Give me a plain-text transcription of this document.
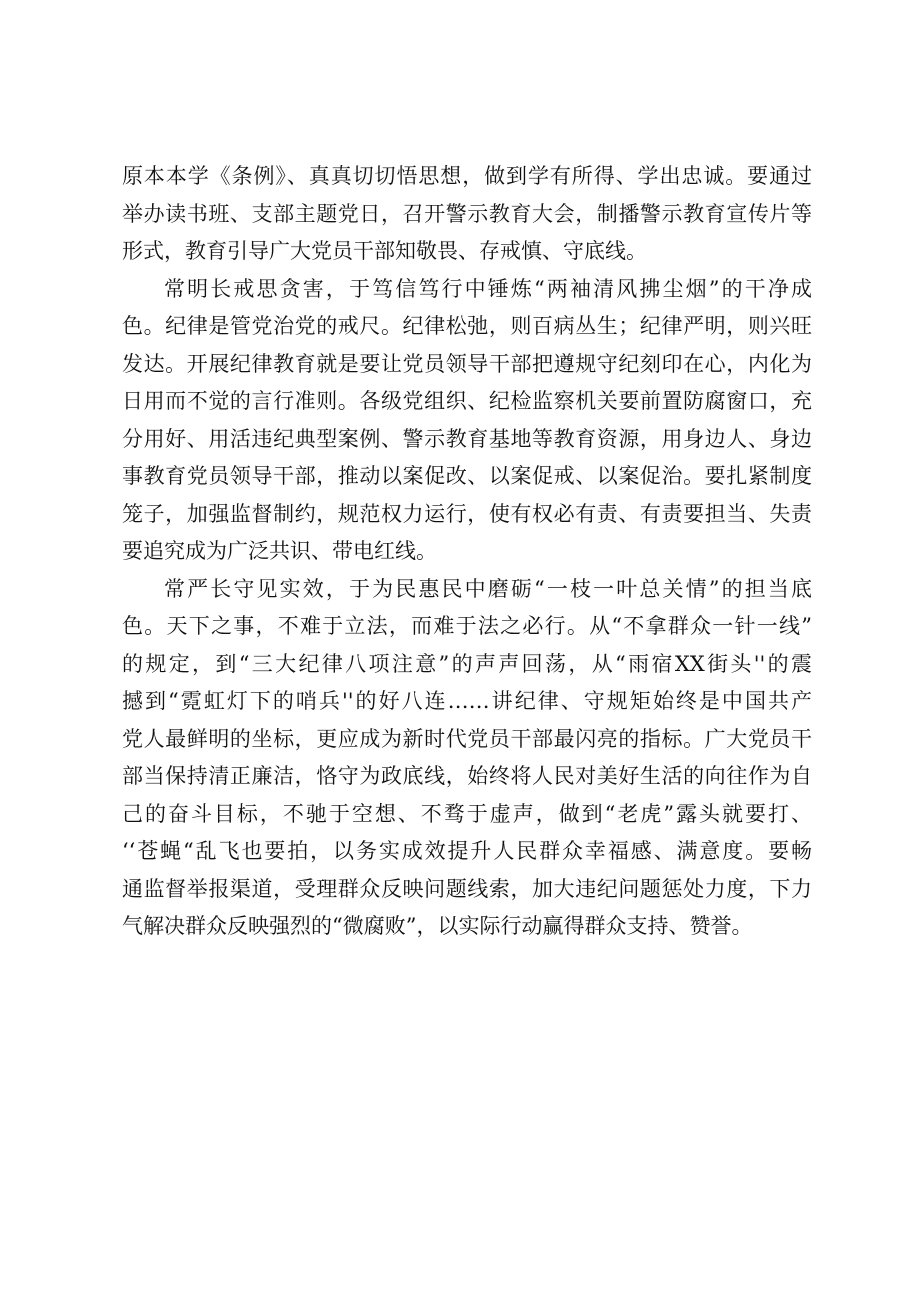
原本本学《条例》、真真切切悟思想，做到学有所得、学出忠诚。要通过
举办读书班、支部主题党日，召开警示教育大会，制播警示教育宣传片等
形式，教育引导广大党员干部知敬畏、存戒慎、守底线。
常明长戒思贪害，于笃信笃行中锤炼“两袖清风拂尘烟”的干净成
色。纪律是管党治党的戒尺。纪律松弛，则百病丛生；纪律严明，则兴旺
发达。开展纪律教育就是要让党员领导干部把遵规守纪刻印在心，内化为
日用而不觉的言行准则。各级党组织、纪检监察机关要前置防腐窗口，充
分用好、用活违纪典型案例、警示教育基地等教育资源，用身边人、身边
事教育党员领导干部，推动以案促改、以案促戒、以案促治。要扎紧制度
笼子，加强监督制约，规范权力运行，使有权必有责、有责要担当、失责
要追究成为广泛共识、带电红线。
常严长守见实效，于为民惠民中磨砺“一枝一叶总关情”的担当底
色。天下之事，不难于立法，而难于法之必行。从“不拿群众一针一线”
的规定，到“三大纪律八项注意”的声声回荡，从“雨宿XX街头''的震
撼到“霓虹灯下的哨兵''的好八连……讲纪律、守规矩始终是中国共产
党人最鲜明的坐标，更应成为新时代党员干部最闪亮的指标。广大党员干
部当保持清正廉洁，恪守为政底线，始终将人民对美好生活的向往作为自
己的奋斗目标，不驰于空想、不骛于虚声，做到“老虎”露头就要打、
‘‘苍蝇“乱飞也要拍，以务实成效提升人民群众幸福感、满意度。要畅
通监督举报渠道，受理群众反映问题线索，加大违纪问题惩处力度，下力
气解决群众反映强烈的“微腐败”，以实际行动赢得群众支持、赞誉。
